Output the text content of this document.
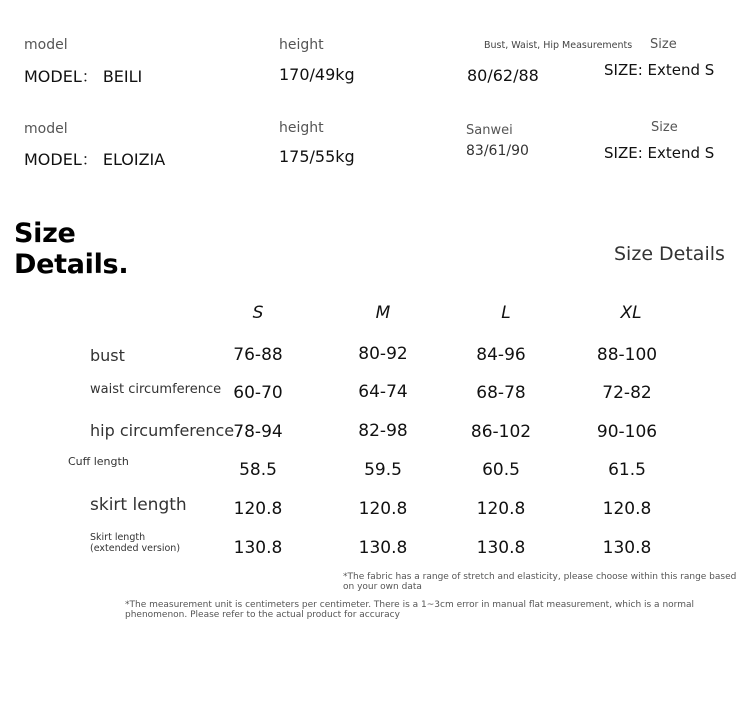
model
MODEL： BEILI
height
170/49kg
Bust, Waist, Hip Measurements
80/62/88
Size
SIZE: Extend S
model
MODEL： ELOIZIA
height
175/55kg
Sanwei
83/61/90
Size
SIZE: Extend S
Size
Details.	Size Details
S	M	L	XL
bust	76-88	80-92	84-96	88-100
waist circumference 60-70	64-74	68-78	72-82
hip circumference 78-94	82-98	86-102	90-106
Cuff length	58.5	59.5	60.5	61.5
skirt length	120.8	120.8	120.8	120.8
Skirt length
(extended version)	130.8	130.8	130.8	130.8
*The fabric has a range of stretch and elasticity, please choose within this range based on your own data
*The measurement unit is centimeters per centimeter. There is a 1~3cm error in manual flat measurement, which is a normal phenomenon. Please refer to the actual product for accuracy
